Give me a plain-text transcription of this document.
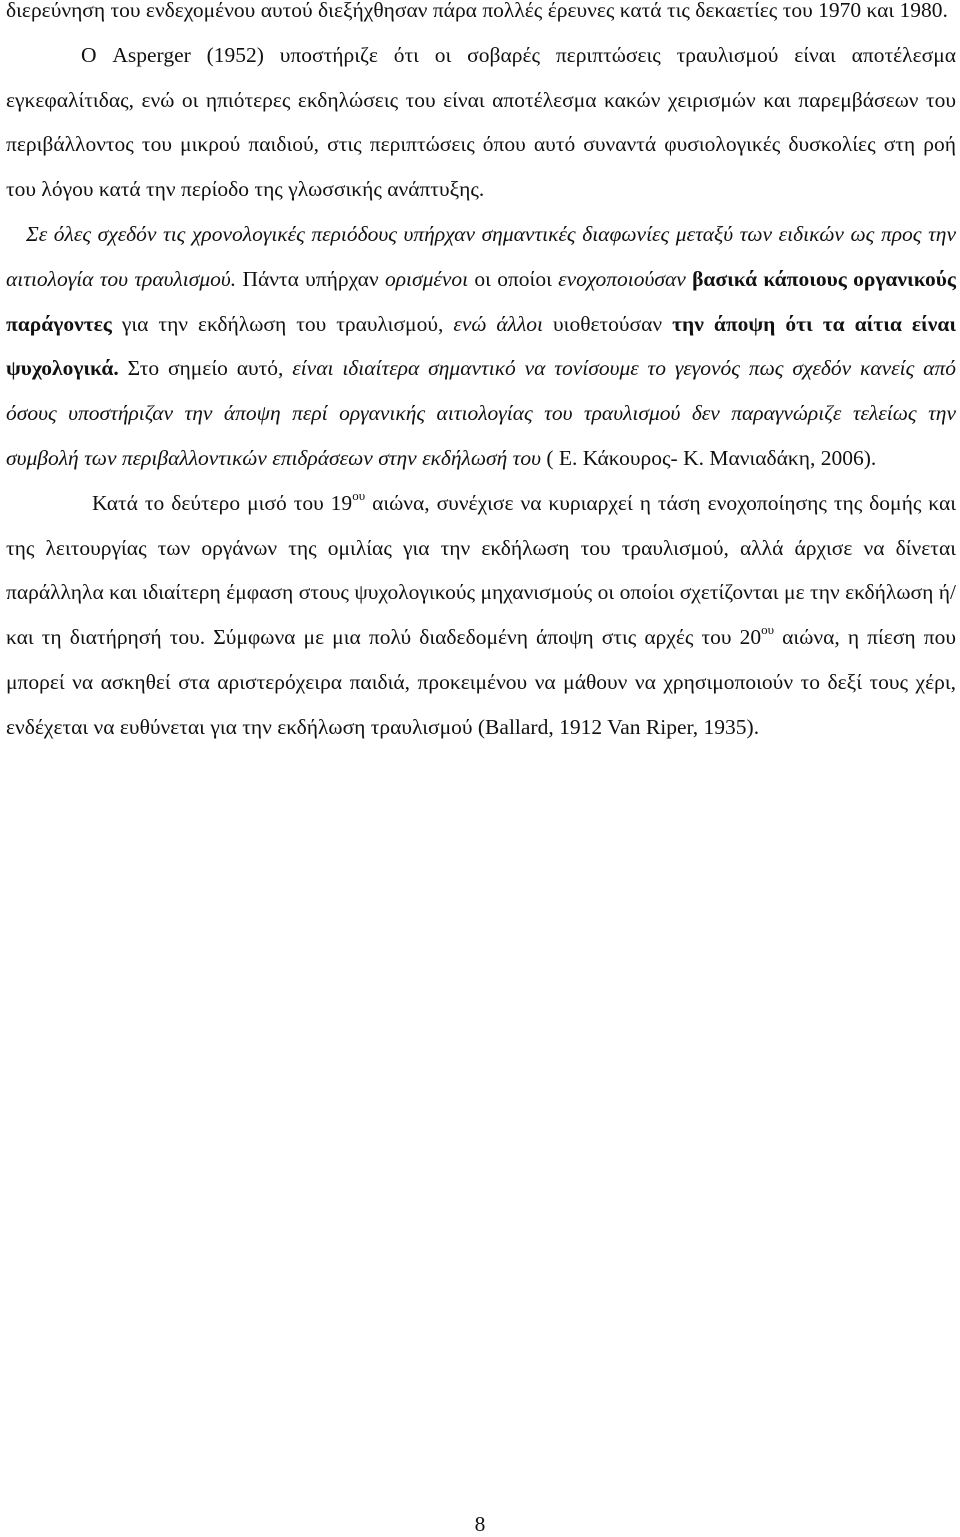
διερεύνηση του ενδεχομένου αυτού διεξήχθησαν πάρα πολλές έρευνες κατά τις δεκαετίες του 1970 και 1980.

Ο Asperger (1952) υποστήριζε ότι οι σοβαρές περιπτώσεις τραυλισμού είναι αποτέλεσμα εγκεφαλίτιδας, ενώ οι ηπιότερες εκδηλώσεις του είναι αποτέλεσμα κακών χειρισμών και παρεμβάσεων του περιβάλλοντος του μικρού παιδιού, στις περιπτώσεις όπου αυτό συναντά φυσιολογικές δυσκολίες στη ροή του λόγου κατά την περίοδο της γλωσσικής ανάπτυξης.

Σε όλες σχεδόν τις χρονολογικές περιόδους υπήρχαν σημαντικές διαφωνίες μεταξύ των ειδικών ως προς την αιτιολογία του τραυλισμού. Πάντα υπήρχαν ορισμένοι οι οποίοι ενοχοποιούσαν βασικά κάποιους οργανικούς παράγοντες για την εκδήλωση του τραυλισμού, ενώ άλλοι υιοθετούσαν την άποψη ότι τα αίτια είναι ψυχολογικά. Στο σημείο αυτό, είναι ιδιαίτερα σημαντικό να τονίσουμε το γεγονός πως σχεδόν κανείς από όσους υποστήριζαν την άποψη περί οργανικής αιτιολογίας του τραυλισμού δεν παραγνώριζε τελείως την συμβολή των περιβαλλοντικών επιδράσεων στην εκδήλωσή του ( Ε. Κάκουρος- Κ. Μανιαδάκη, 2006).

Κατά το δεύτερο μισό του $19^{o\upsilon}$ αιώνα, συνέχισε να κυριαρχεί η τάση ενοχοποίησης της δομής και της λειτουργίας των οργάνων της ομιλίας για την εκδήλωση του τραυλισμού, αλλά άρχισε να δίνεται παράλληλα και ιδιαίτερη έμφαση στους ψυχολογικούς μηχανισμούς οι οποίοι σχετίζονται με την εκδήλωση ή/και τη διατήρησή του. Σύμφωνα με μια πολύ διαδεδομένη άποψη στις αρχές του $20^{o\upsilon}$ αιώνα, η πίεση που μπορεί να ασκηθεί στα αριστερόχειρα παιδιά, προκειμένου να μάθουν να χρησιμοποιούν το δεξί τους χέρι, ενδέχεται να ευθύνεται για την εκδήλωση τραυλισμού (Ballard, 1912 Van Riper, 1935).

8
